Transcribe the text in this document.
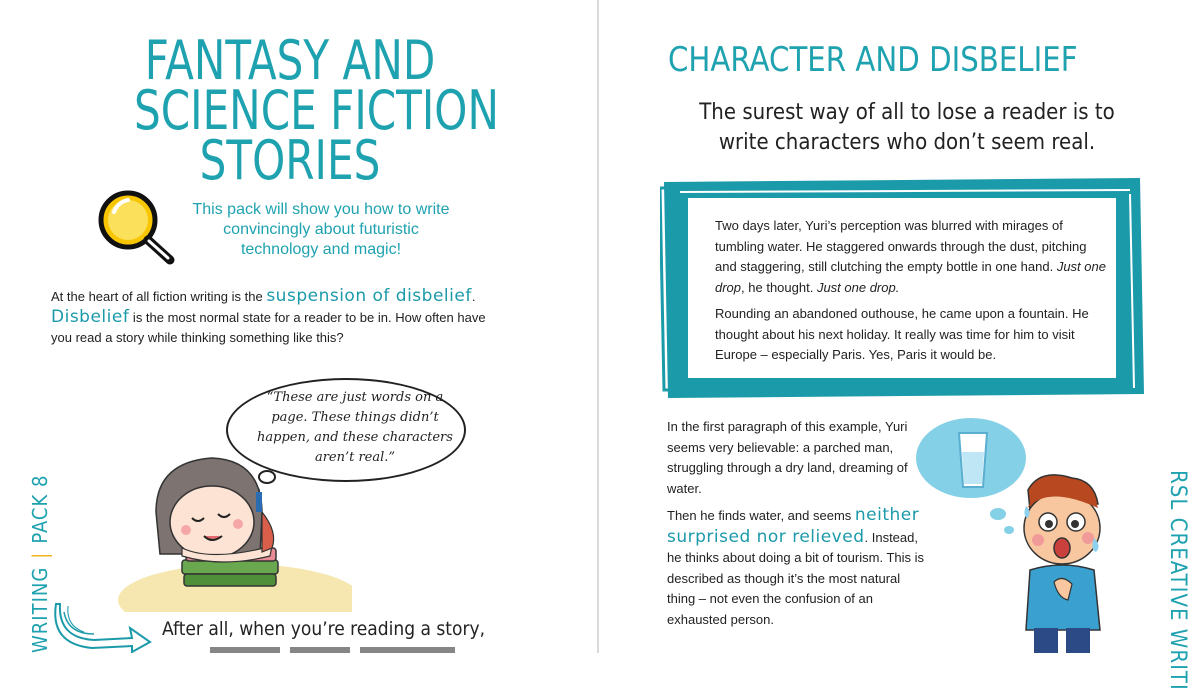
FANTASY AND
SCIENCE FICTION
STORIES
This pack will show you how to write convincingly about futuristic technology and magic!
At the heart of all fiction writing is the suspension of disbelief.
Disbelief is the most normal state for a reader to be in. How often have you read a story while thinking something like this?
“These are just words on a page. These things didn’t happen, and these characters aren’t real.”
WRITING|PACK 8
After all, when you’re reading a story,
CHARACTER AND DISBELIEF
The surest way of all to lose a reader is to write characters who don’t seem real.

Two days later, Yuri’s perception was blurred with mirages of tumbling water. He staggered onwards through the dust, pitching and staggering, still clutching the empty bottle in one hand. Just one drop, he thought. Just one drop.

Rounding an abandoned outhouse, he came upon a fountain. He thought about his next holiday. It really was time for him to visit Europe – especially Paris. Yes, Paris it would be.

In the first paragraph of this example, Yuri seems very believable: a parched man, struggling through a dry land, dreaming of water.

Then he finds water, and seems neither surprised nor relieved. Instead, he thinks about doing a bit of tourism. This is described as though it’s the most natural thing – not even the confusion of an exhausted person.	RSL CREATIVE WRITI
